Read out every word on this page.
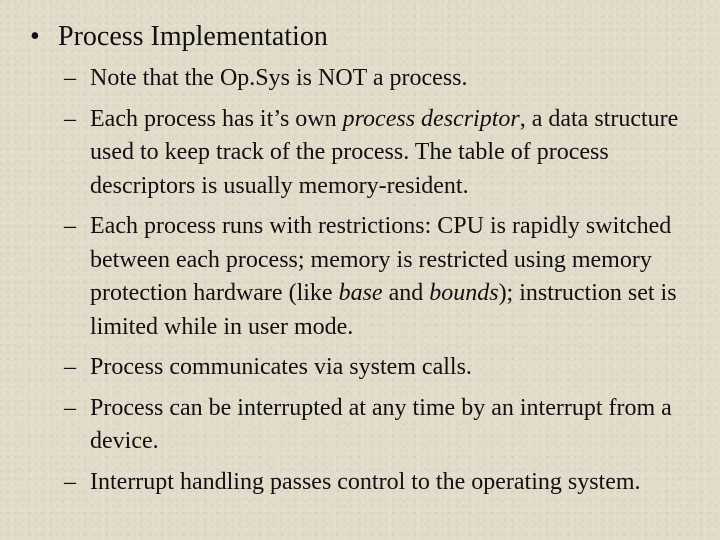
• Process Implementation
– Note that the Op.Sys is NOT a process.
– Each process has it’s own process descriptor, a data structure used to keep track of the process. The table of process descriptors is usually memory-resident.
– Each process runs with restrictions: CPU is rapidly switched between each process; memory is restricted using memory protection hardware (like base and bounds); instruction set is limited while in user mode.
– Process communicates via system calls.
– Process can be interrupted at any time by an interrupt from a device.
– Interrupt handling passes control to the operating system.
